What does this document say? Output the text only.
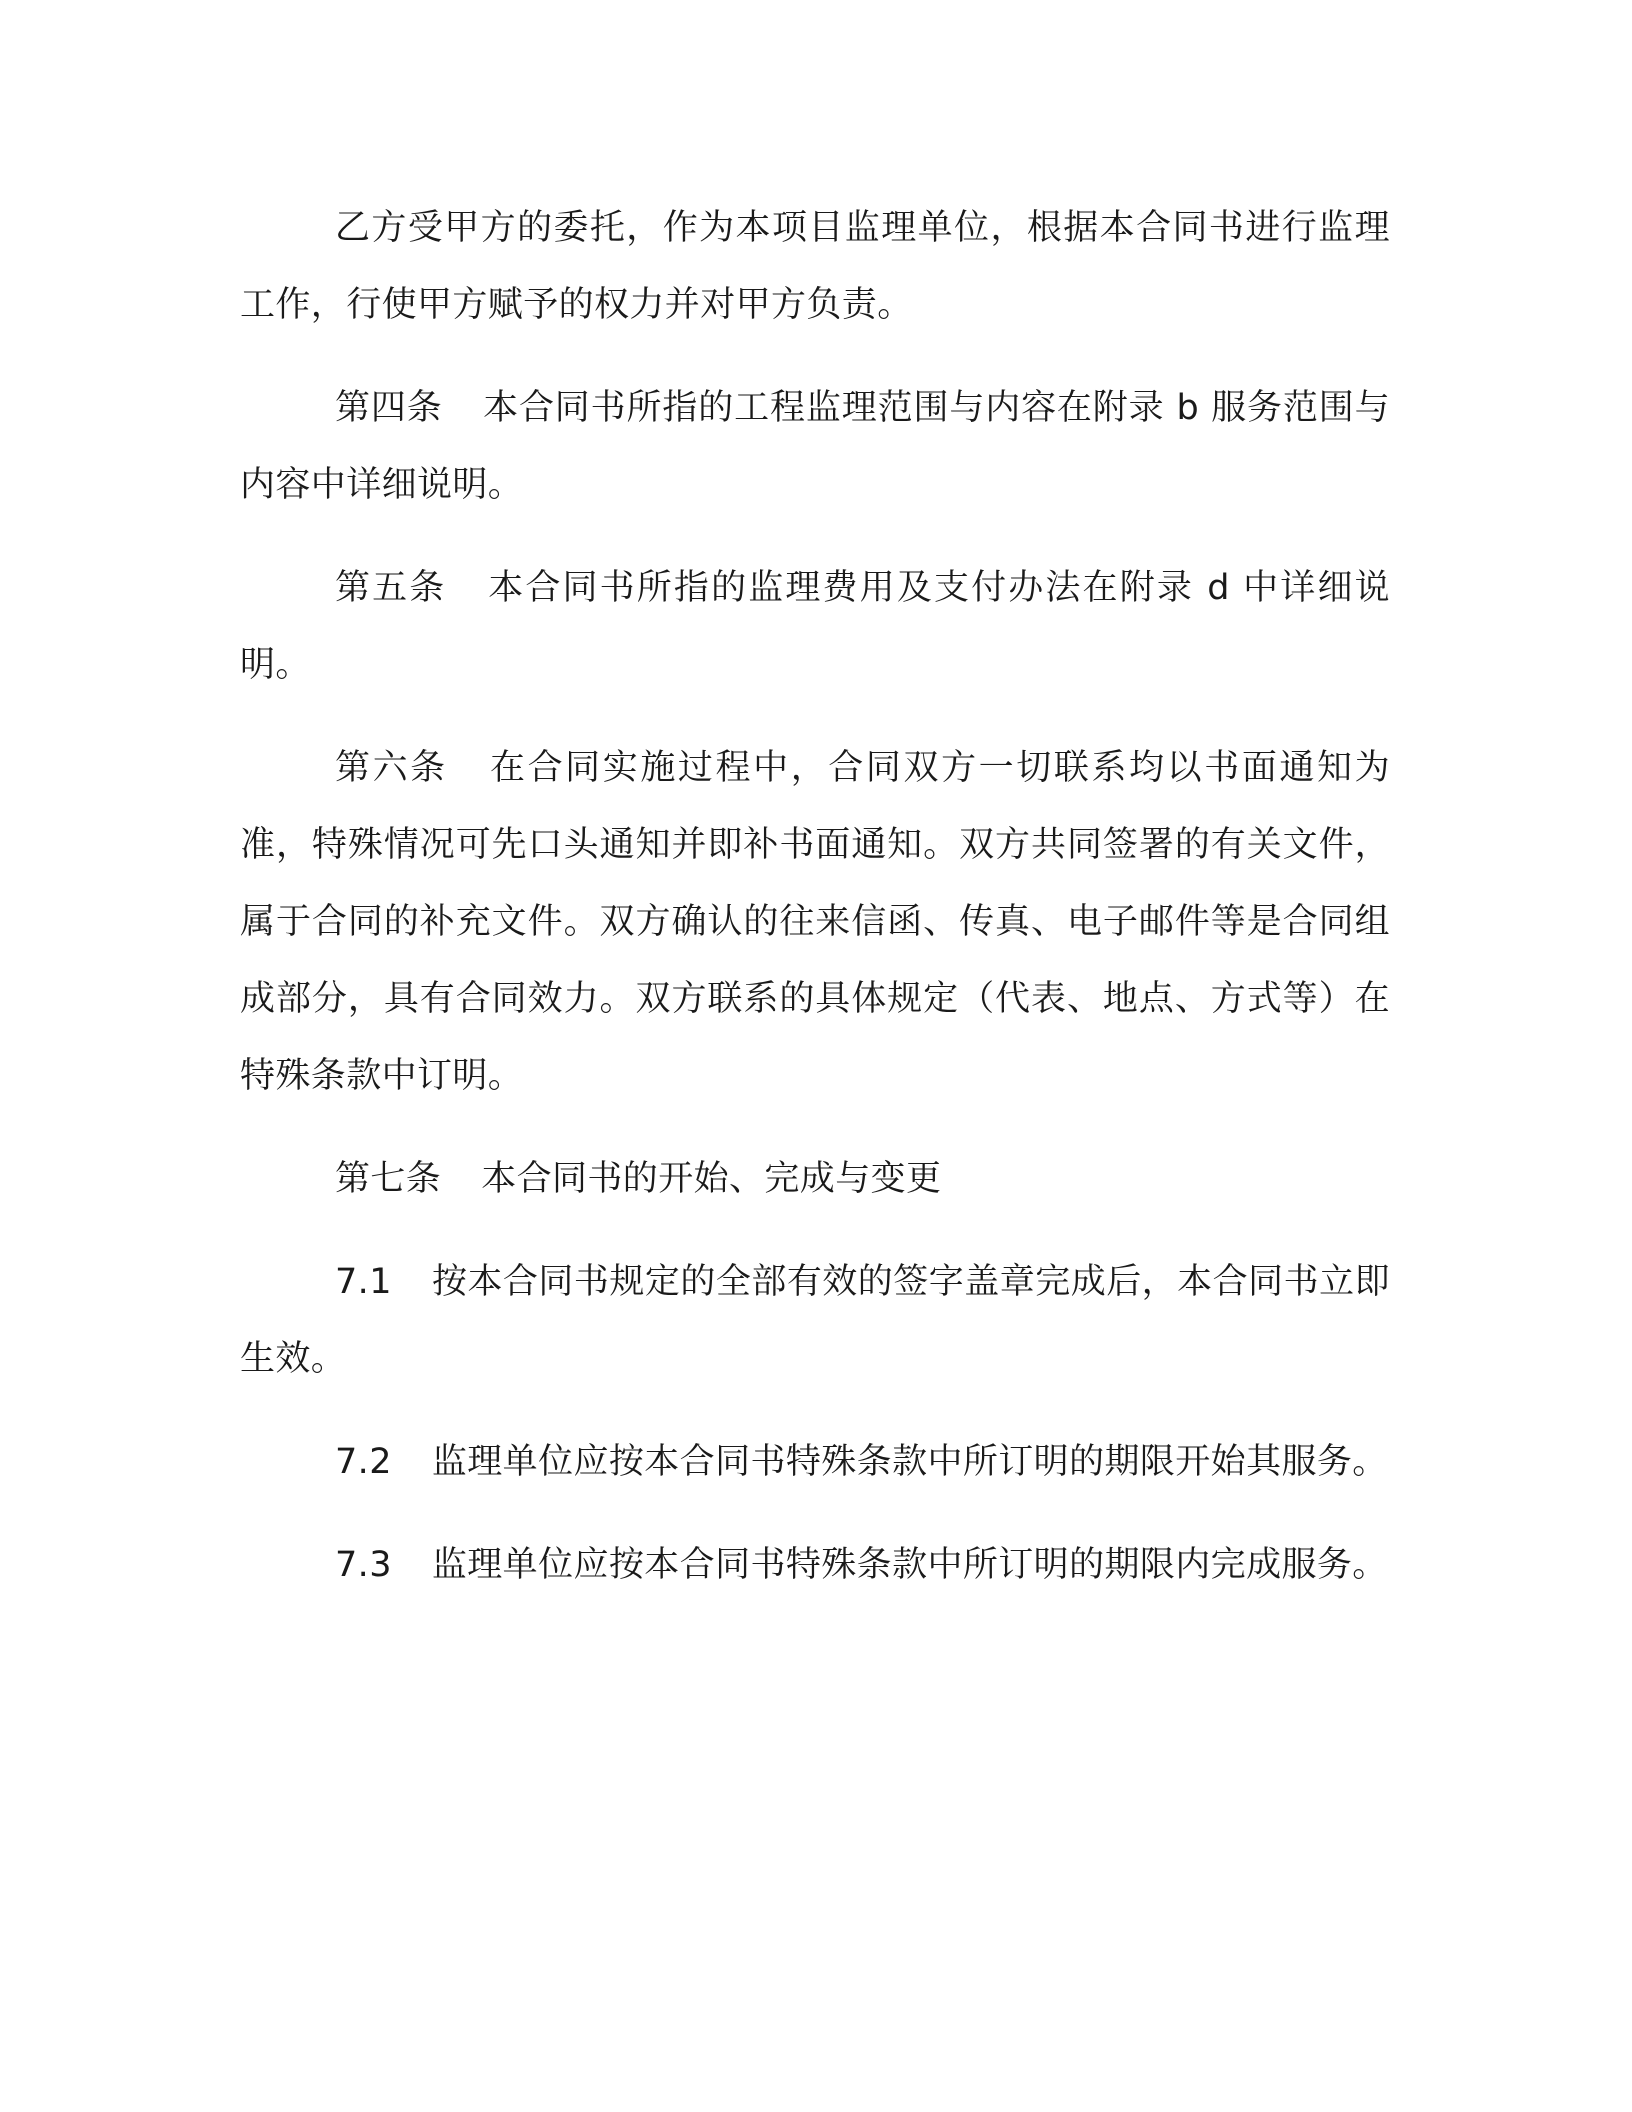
乙方受甲方的委托，作为本项目监理单位，根据本合同书进行监理工作，行使甲方赋予的权力并对甲方负责。

第四条 本合同书所指的工程监理范围与内容在附录 b 服务范围与内容中详细说明。

第五条 本合同书所指的监理费用及支付办法在附录 d 中详细说明。

第六条 在合同实施过程中，合同双方一切联系均以书面通知为准，特殊情况可先口头通知并即补书面通知。双方共同签署的有关文件，属于合同的补充文件。双方确认的往来信函、传真、电子邮件等是合同组成部分，具有合同效力。双方联系的具体规定（代表、地点、方式等）在特殊条款中订明。

第七条 本合同书的开始、完成与变更

7.1 按本合同书规定的全部有效的签字盖章完成后，本合同书立即生效。

7.2 监理单位应按本合同书特殊条款中所订明的期限开始其服务。

7.3 监理单位应按本合同书特殊条款中所订明的期限内完成服务。
